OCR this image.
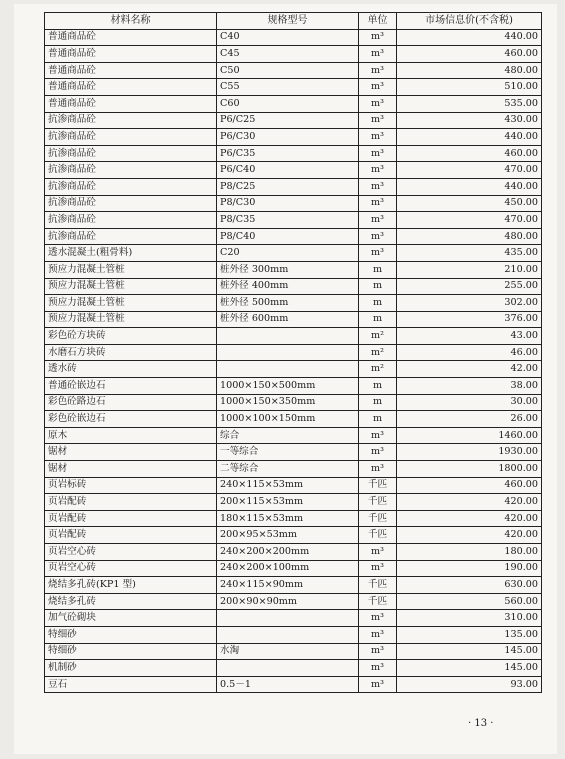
材料名称	规格型号	单位	市场信息价(不含税)
普通商品砼	C40	m³	440.00
普通商品砼	C45	m³	460.00
普通商品砼	C50	m³	480.00
普通商品砼	C55	m³	510.00
普通商品砼	C60	m³	535.00
抗渗商品砼	P6/C25	m³	430.00
抗渗商品砼	P6/C30	m³	440.00
抗渗商品砼	P6/C35	m³	460.00
抗渗商品砼	P6/C40	m³	470.00
抗渗商品砼	P8/C25	m³	440.00
抗渗商品砼	P8/C30	m³	450.00
抗渗商品砼	P8/C35	m³	470.00
抗渗商品砼	P8/C40	m³	480.00
透水混凝土(粗骨料)	C20	m³	435.00
预应力混凝土管桩	桩外径 300mm	m	210.00
预应力混凝土管桩	桩外径 400mm	m	255.00
预应力混凝土管桩	桩外径 500mm	m	302.00
预应力混凝土管桩	桩外径 600mm	m	376.00
彩色砼方块砖		m²	43.00
水磨石方块砖		m²	46.00
透水砖		m²	42.00
普通砼嵌边石	1000×150×500mm	m	38.00
彩色砼路边石	1000×150×350mm	m	30.00
彩色砼嵌边石	1000×100×150mm	m	26.00
原木	综合	m³	1460.00
锯材	一等综合	m³	1930.00
锯材	二等综合	m³	1800.00
页岩标砖	240×115×53mm	千匹	460.00
页岩配砖	200×115×53mm	千匹	420.00
页岩配砖	180×115×53mm	千匹	420.00
页岩配砖	200×95×53mm	千匹	420.00
页岩空心砖	240×200×200mm	m³	180.00
页岩空心砖	240×200×100mm	m³	190.00
烧结多孔砖(KP1 型)	240×115×90mm	千匹	630.00
烧结多孔砖	200×90×90mm	千匹	560.00
加气砼砌块		m³	310.00
特细砂		m³	135.00
特细砂	水淘	m³	145.00
机制砂		m³	145.00
豆石	0.5－1	m³	93.00
· 13 ·
